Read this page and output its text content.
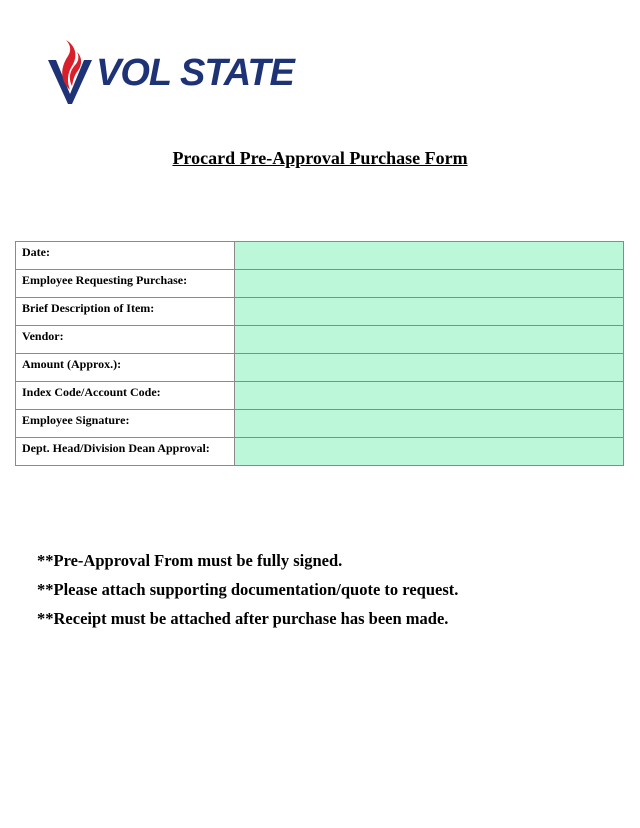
VOL STATE
Procard Pre-Approval Purchase Form
Date:	
Employee Requesting Purchase:	
Brief Description of Item:	
Vendor:	
Amount (Approx.):	
Index Code/Account Code:	
Employee Signature:	
Dept. Head/Division Dean Approval:	
**Pre-Approval From must be fully signed.
**Please attach supporting documentation/quote to request.
**Receipt must be attached after purchase has been made.
